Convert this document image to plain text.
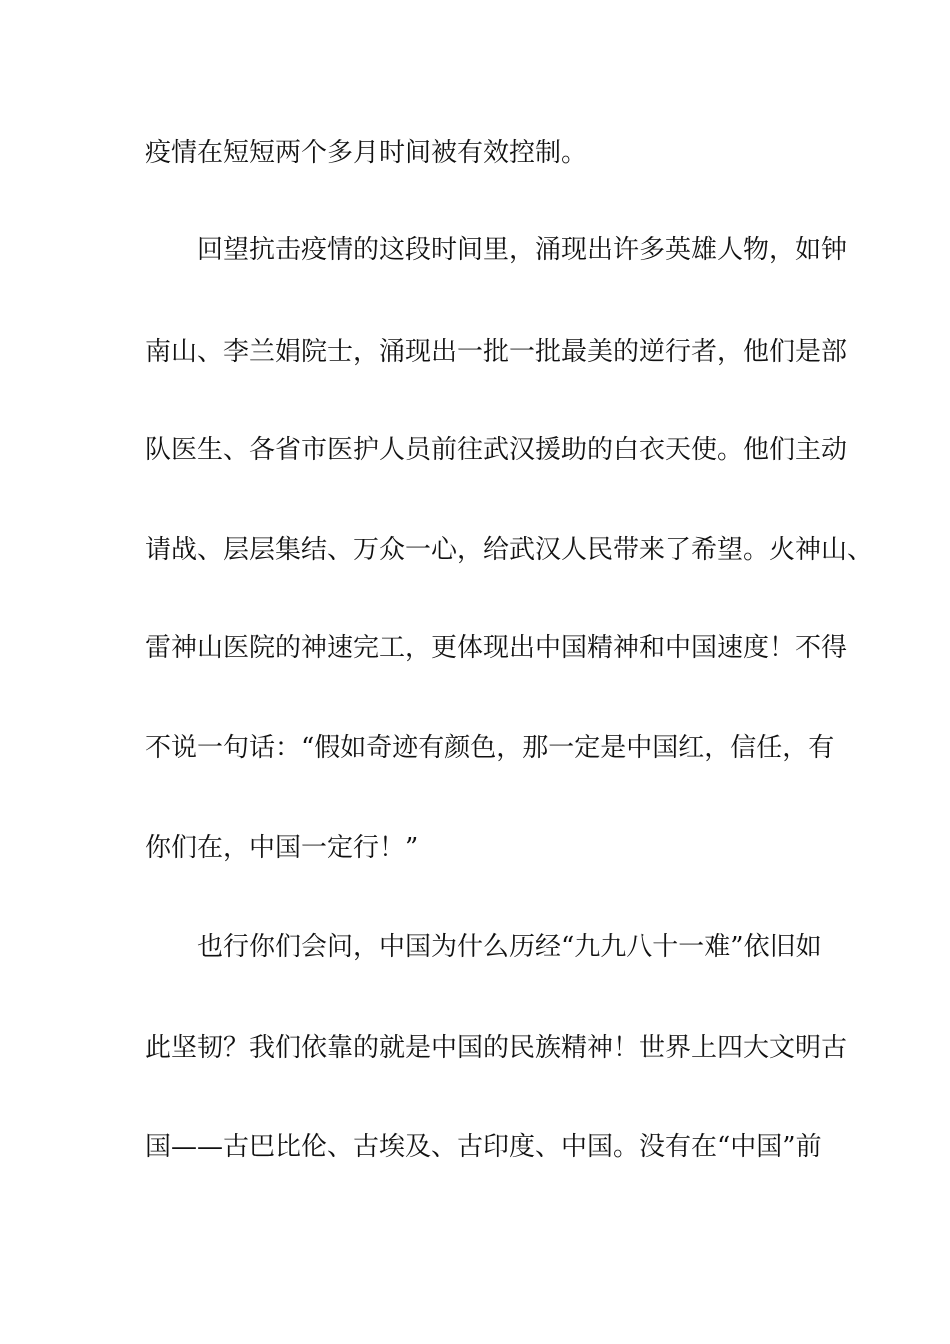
疫情在短短两个多月时间被有效控制。
　　回望抗击疫情的这段时间里，涌现出许多英雄人物，如钟
南山、李兰娟院士，涌现出一批一批最美的逆行者，他们是部
队医生、各省市医护人员前往武汉援助的白衣天使。他们主动
请战、层层集结、万众一心，给武汉人民带来了希望。火神山、
雷神山医院的神速完工，更体现出中国精神和中国速度！不得
不说一句话：“假如奇迹有颜色，那一定是中国红，信任，有
你们在，中国一定行！”
　　也行你们会问，中国为什么历经“九九八十一难”依旧如
此坚韧？我们依靠的就是中国的民族精神！世界上四大文明古
国——古巴比伦、古埃及、古印度、中国。没有在“中国”前
